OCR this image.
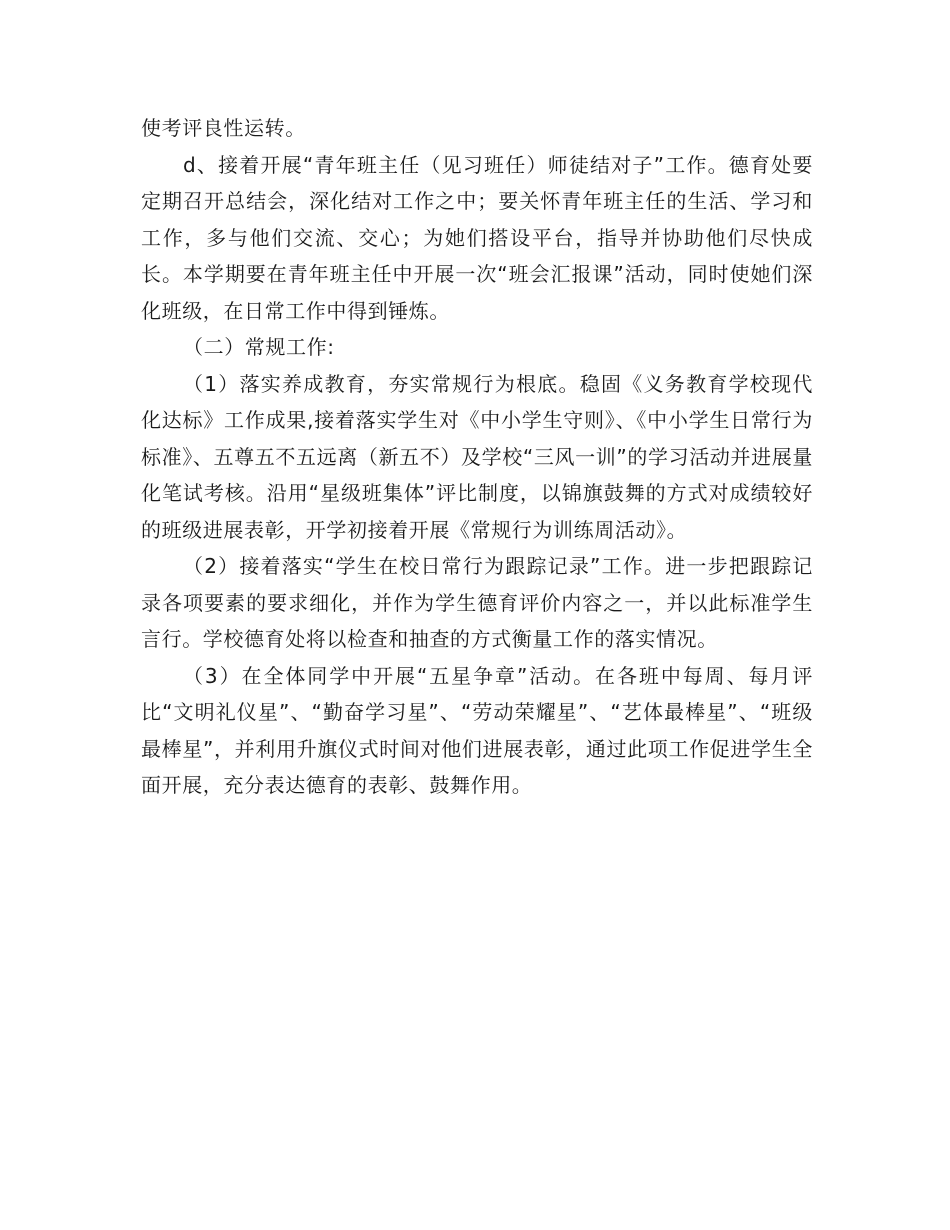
使考评良性运转。

d、接着开展“青年班主任（见习班任）师徒结对子”工作。德育处要定期召开总结会，深化结对工作之中；要关怀青年班主任的生活、学习和工作，多与他们交流、交心；为她们搭设平台，指导并协助他们尽快成长。本学期要在青年班主任中开展一次“班会汇报课”活动，同时使她们深化班级，在日常工作中得到锤炼。

（二）常规工作:

（1）落实养成教育，夯实常规行为根底。稳固《义务教育学校现代化达标》工作成果,接着落实学生对《中小学生守则》、《中小学生日常行为标准》、五尊五不五远离（新五不）及学校“三风一训”的学习活动并进展量化笔试考核。沿用“星级班集体”评比制度，以锦旗鼓舞的方式对成绩较好的班级进展表彰，开学初接着开展《常规行为训练周活动》。

（2）接着落实“学生在校日常行为跟踪记录”工作。进一步把跟踪记录各项要素的要求细化，并作为学生德育评价内容之一，并以此标准学生言行。学校德育处将以检查和抽查的方式衡量工作的落实情况。

（3）在全体同学中开展“五星争章”活动。在各班中每周、每月评比“文明礼仪星”、“勤奋学习星”、“劳动荣耀星”、“艺体最棒星”、“班级最棒星”，并利用升旗仪式时间对他们进展表彰，通过此项工作促进学生全面开展，充分表达德育的表彰、鼓舞作用。
